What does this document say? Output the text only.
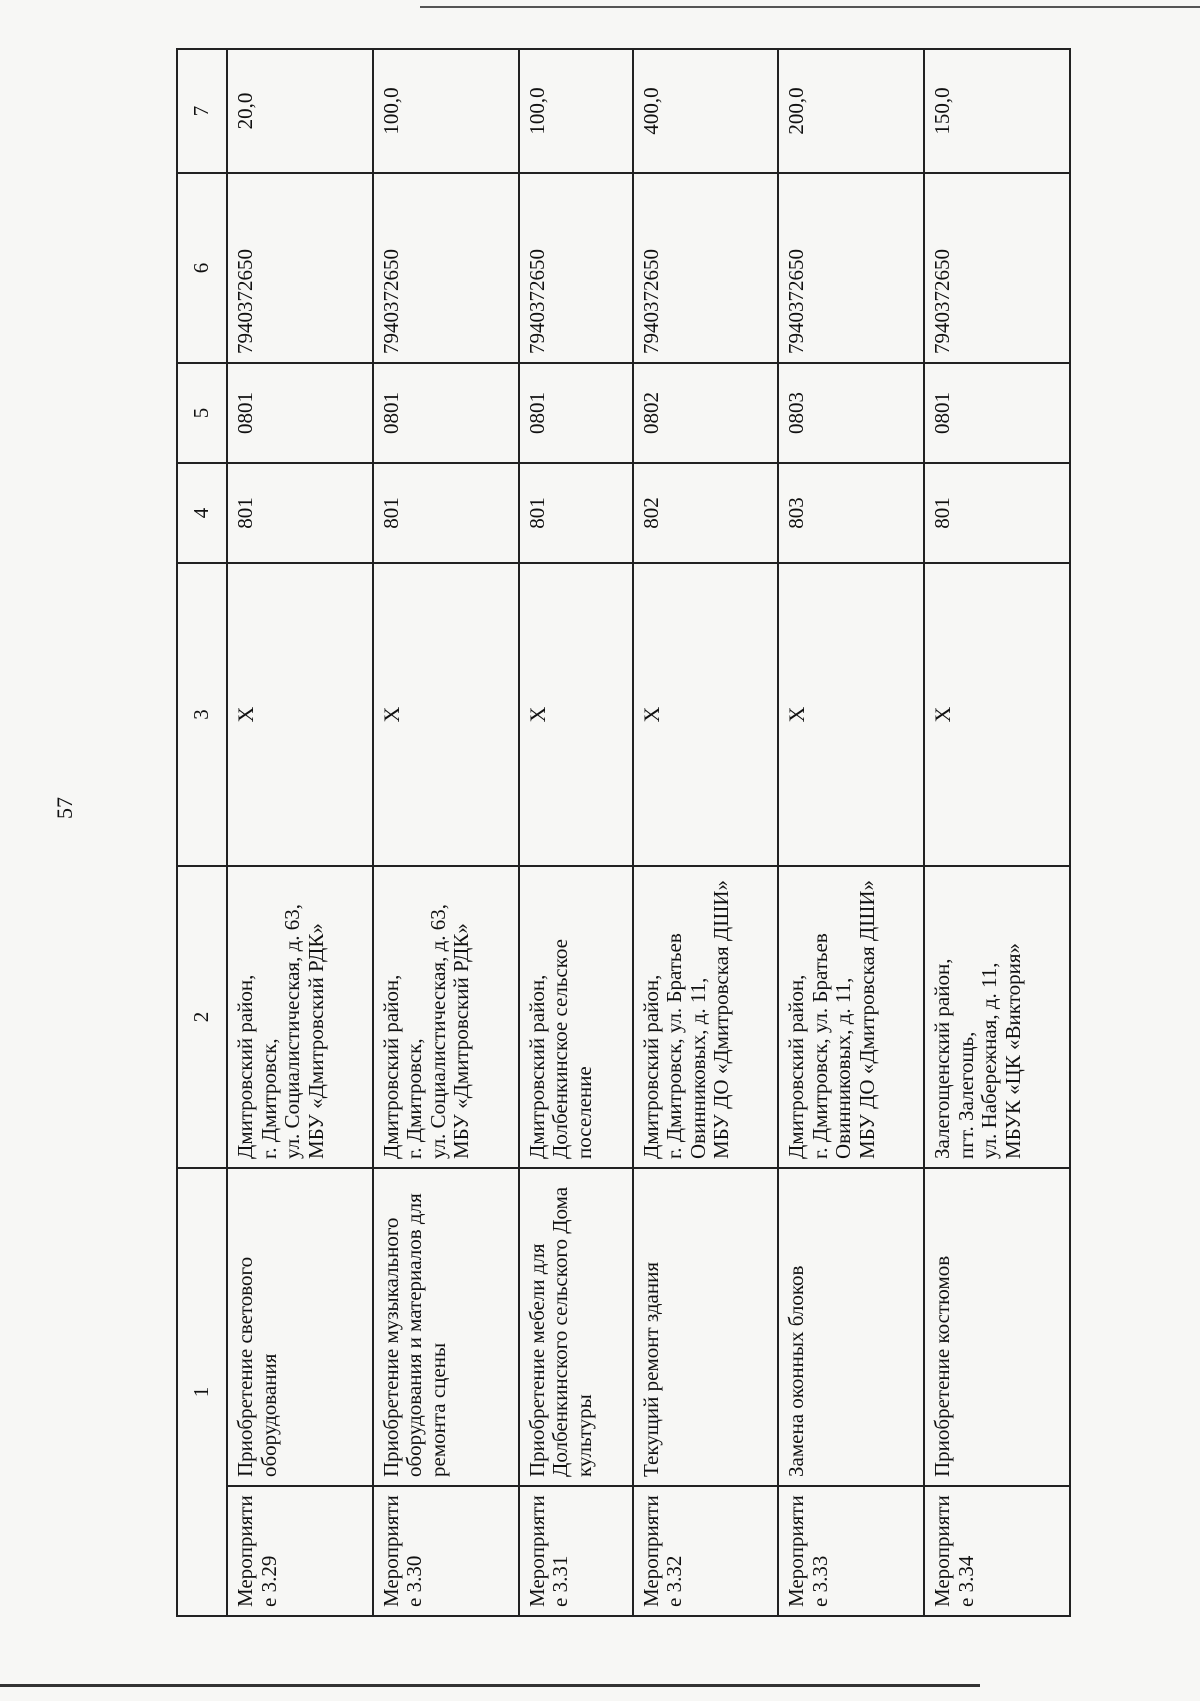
57
1		2	3	4	5	6	7
Мероприятие 3.29	Приобретение светового оборудования	Дмитровский район,
г. Дмитровск,
ул. Социалистическая, д. 63,
МБУ «Дмитровский РДК»	X	801	0801	7940372650	20,0
Мероприятие 3.30	Приобретение музыкального оборудования и материалов для ремонта сцены	Дмитровский район,
г. Дмитровск,
ул. Социалистическая, д. 63,
МБУ «Дмитровский РДК»	X	801	0801	7940372650	100,0
Мероприятие 3.31	Приобретение мебели для Долбенкинского сельского Дома культуры	Дмитровский район,
Долбенкинское сельское поселение	X	801	0801	7940372650	100,0
Мероприятие 3.32	Текущий ремонт здания	Дмитровский район,
г. Дмитровск, ул. Братьев Овинниковых, д. 11,
МБУ ДО «Дмитровская ДШИ»	X	802	0802	7940372650	400,0
Мероприятие 3.33	Замена оконных блоков	Дмитровский район,
г. Дмитровск, ул. Братьев Овинниковых, д. 11,
МБУ ДО «Дмитровская ДШИ»	X	803	0803	7940372650	200,0
Мероприятие 3.34	Приобретение костюмов	Залегощенский район,
пгт. Залегощь,
ул. Набережная, д. 11,
МБУК «ЦК «Виктория»	X	801	0801	7940372650	150,0
